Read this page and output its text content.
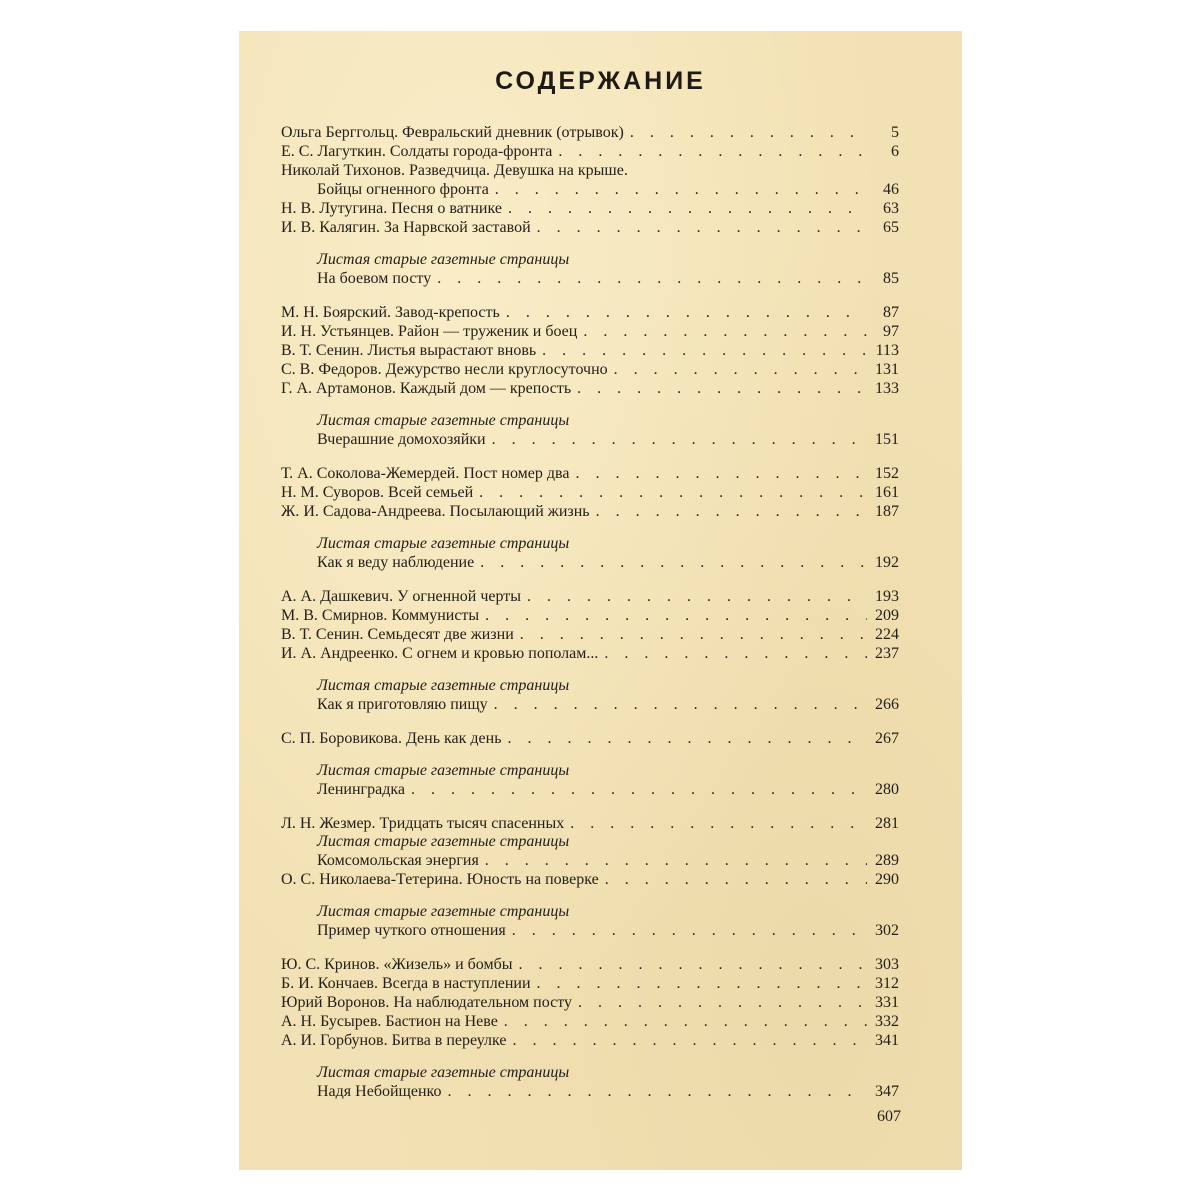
СОДЕРЖАНИЕ
Ольга Берггольц. Февральский дневник (отрывок) . . .	5
Е. С. Лагуткин. Солдаты города-фронта . . .	6
Николай Тихонов. Разведчица. Девушка на крыше.
Бойцы огненного фронта . . .	46
Н. В. Лутугина. Песня о ватнике . . .	63
И. В. Калягин. За Нарвской заставой . . .	65
Листая старые газетные страницы
На боевом посту . . .	85
М. Н. Боярский. Завод-крепость . . .	87
И. Н. Устьянцев. Район — труженик и боец . . .	97
В. Т. Сенин. Листья вырастают вновь . . .	113
С. В. Федоров. Дежурство несли круглосуточно . . .	131
Г. А. Артамонов. Каждый дом — крепость . . .	133
Листая старые газетные страницы
Вчерашние домохозяйки . . .	151
Т. А. Соколова-Жемердей. Пост номер два . . .	152
Н. М. Суворов. Всей семьей . . .	161
Ж. И. Садова-Андреева. Посылающий жизнь . . .	187
Листая старые газетные страницы
Как я веду наблюдение . . .	192
А. А. Дашкевич. У огненной черты . . .	193
М. В. Смирнов. Коммунисты . . .	209
В. Т. Сенин. Семьдесят две жизни . . .	224
И. А. Андреенко. С огнем и кровью пополам... . . .	237
Листая старые газетные страницы
Как я приготовляю пищу . . .	266
С. П. Боровикова. День как день . . .	267
Листая старые газетные страницы
Ленинградка . . .	280
Л. Н. Жезмер. Тридцать тысяч спасенных . . .	281
Листая старые газетные страницы
Комсомольская энергия . . .	289
О. С. Николаева-Тетерина. Юность на поверке . . .	290
Листая старые газетные страницы
Пример чуткого отношения . . .	302
Ю. С. Кринов. «Жизель» и бомбы . . .	303
Б. И. Кончаев. Всегда в наступлении . . .	312
Юрий Воронов. На наблюдательном посту . . .	331
А. Н. Бусырев. Бастион на Неве . . .	332
А. И. Горбунов. Битва в переулке . . .	341
Листая старые газетные страницы
Надя Небойщенко . . .	347
607
